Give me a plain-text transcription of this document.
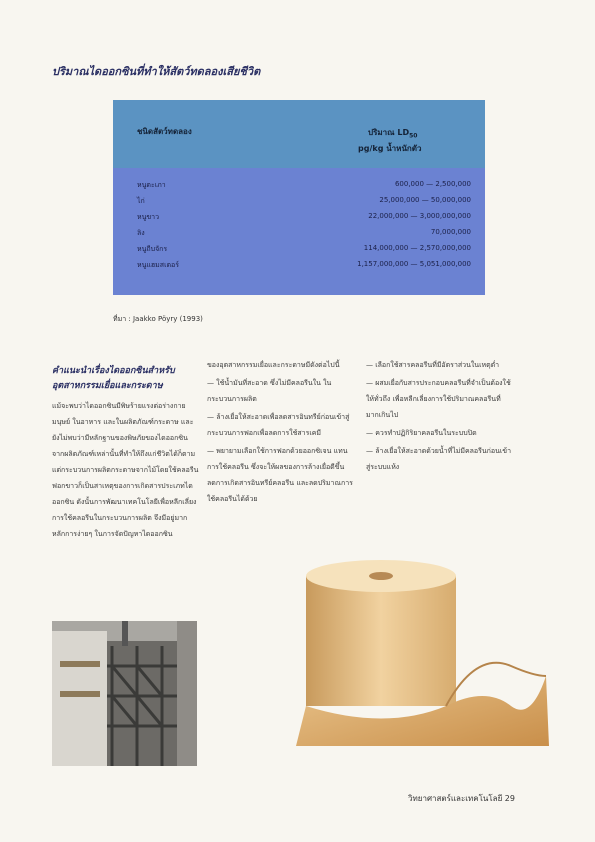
ปริมาณไดออกซินที่ทำให้สัตว์ทดลองเสียชีวิต
ชนิดสัตว์ทดลอง	ปริมาณ $LD_{50}$
pg/kg น้ำหนักตัว
หนูตะเภา	600,000 — 2,500,000
ไก่	25,000,000 — 50,000,000
หนูขาว	22,000,000 — 3,000,000,000
ลิง	70,000,000
หนูถีบจักร	114,000,000 — 2,570,000,000
หนูแฮมสเตอร์	1,157,000,000 — 5,051,000,000
ที่มา : Jaakko Pöyry (1993)
คำแนะนำเรื่องไดออกซินสำหรับอุตสาหกรรมเยื่อและกระดาษ

แม้จะพบว่าไดออกซินมีพิษร้ายแรงต่อร่างกายมนุษย์ ในอาหาร และในผลิตภัณฑ์กระดาษ และยังไม่พบว่ามีหลักฐานของพิษภัยของไดออกซินจากผลิตภัณฑ์เหล่านั้นที่ทำให้ถึงแก่ชีวิตได้ก็ตาม แต่กระบวนการผลิตกระดาษจากไม้โดยใช้คลอรีนฟอกขาวก็เป็นสาเหตุของการเกิดสารประเภทไดออกซิน ดังนั้นการพัฒนาเทคโนโลยีเพื่อหลีกเลี่ยงการใช้คลอรีนในกระบวนการผลิต จึงมีอยู่มาก หลักการง่ายๆ ในการจัดปัญหาไดออกซิน

ของอุตสาหกรรมเยื่อและกระดาษมีดังต่อไปนี้

— ใช้น้ำมันที่สะอาด ซึ่งไม่มีคลอรีนใน ในกระบวนการผลิต

— ล้างเยื่อให้สะอาดเพื่อลดสารอินทรีย์ก่อนเข้าสู่กระบวนการฟอกเพื่อลดการใช้สารเคมี

— พยายามเลือกใช้การฟอกด้วยออกซิเจน แทนการใช้คลอรีน ซึ่งจะให้ผลของการล้างเยื่อดีขึ้น ลดการเกิดสารอินทรีย์คลอรีน และลดปริมาณการใช้คลอรีนได้ด้วย

— เลือกใช้สารคลอรีนที่มีอัตราส่วนในเหตุต่ำ

— ผสมเยื่อกับสารประกอบคลอรีนที่จำเป็นต้องใช้ให้ทั่วถึง เพื่อหลีกเลี่ยงการใช้ปริมาณคลอรีนที่มากเกินไป

— ควรทำปฏิกิริยาคลอรีนในระบบปิด

— ล้างเยื่อให้สะอาดด้วยน้ำที่ไม่มีคลอรีนก่อนเข้าสู่ระบบแห้ง

วิทยาศาสตร์และเทคโนโลยี 29
